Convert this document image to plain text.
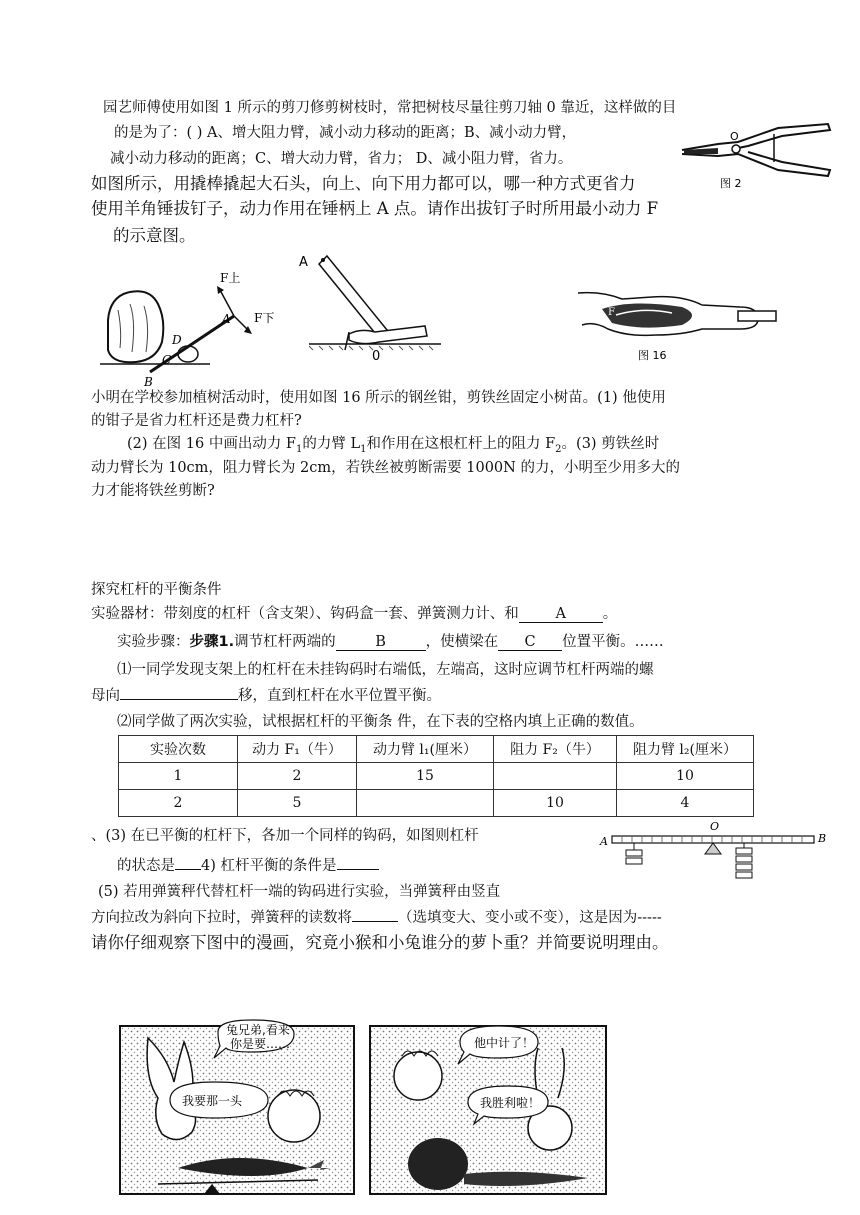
园艺师傅使用如图 1 所示的剪刀修剪树枝时，常把树枝尽量往剪刀轴 0 靠近，这样做的目
的是为了：( ) A、增大阻力臂，减小动力移动的距离；B、减小动力臂，
减小动力移动的距离；C、增大动力臂，省力； D、减小阻力臂，省力。
O
图 2
如图所示，用撬棒撬起大石头，向上、向下用力都可以，哪一种方式更省力
使用羊角锤拔钉子，动力作用在锤柄上 A 点。请作出拔钉子时所用最小动力 F
的示意图。
F上
F下
A
B
C
D
A
0
F
图 16
小明在学校参加植树活动时，使用如图 16 所示的钢丝钳，剪铁丝固定小树苗。(1) 他使用
的钳子是省力杠杆还是费力杠杆?
(2) 在图 16 中画出动力 $F_1$的力臂 $L_1$和作用在这根杠杆上的阻力 $F_2$。(3) 剪铁丝时
动力臂长为 10cm，阻力臂长为 2cm，若铁丝被剪断需要 1000N 的力，小明至少用多大的
力才能将铁丝剪断?
探究杠杆的平衡条件
实验器材：带刻度的杠杆（含支架）、钩码盒一套、弹簧测力计、和	A	。
实验步骤：步骤1.调节杠杆两端的	B	，使横梁在 C 位置平衡。……
⑴一同学发现支架上的杠杆在未挂钩码时右端低，左端高，这时应调节杠杆两端的螺
母向	移，直到杠杆在水平位置平衡。
⑵同学做了两次实验，试根据杠杆的平衡条 件，在下表的空格内填上正确的数值。
实验次数	动力 F₁（牛）	动力臂 l₁(厘米）	阻力 F₂（牛）	阻力臂 l₂(厘米）
1	2	15		10
2	5		10	4
、(3) 在已平衡的杠杆下，各加一个同样的钩码，如图则杠杆
的状态是 4) 杠杆平衡的条件是
A
O
B
(5) 若用弹簧秤代替杠杆一端的钩码进行实验，当弹簧秤由竖直
方向拉改为斜向下拉时，弹簧秤的读数将	（选填变大、变小或不变），这是因为-----
请你仔细观察下图中的漫画，究竟小猴和小兔谁分的萝卜重？并简要说明理由。
兔兄弟,看来
你是要……
我要那一头
他中计了！
我胜利啦！
